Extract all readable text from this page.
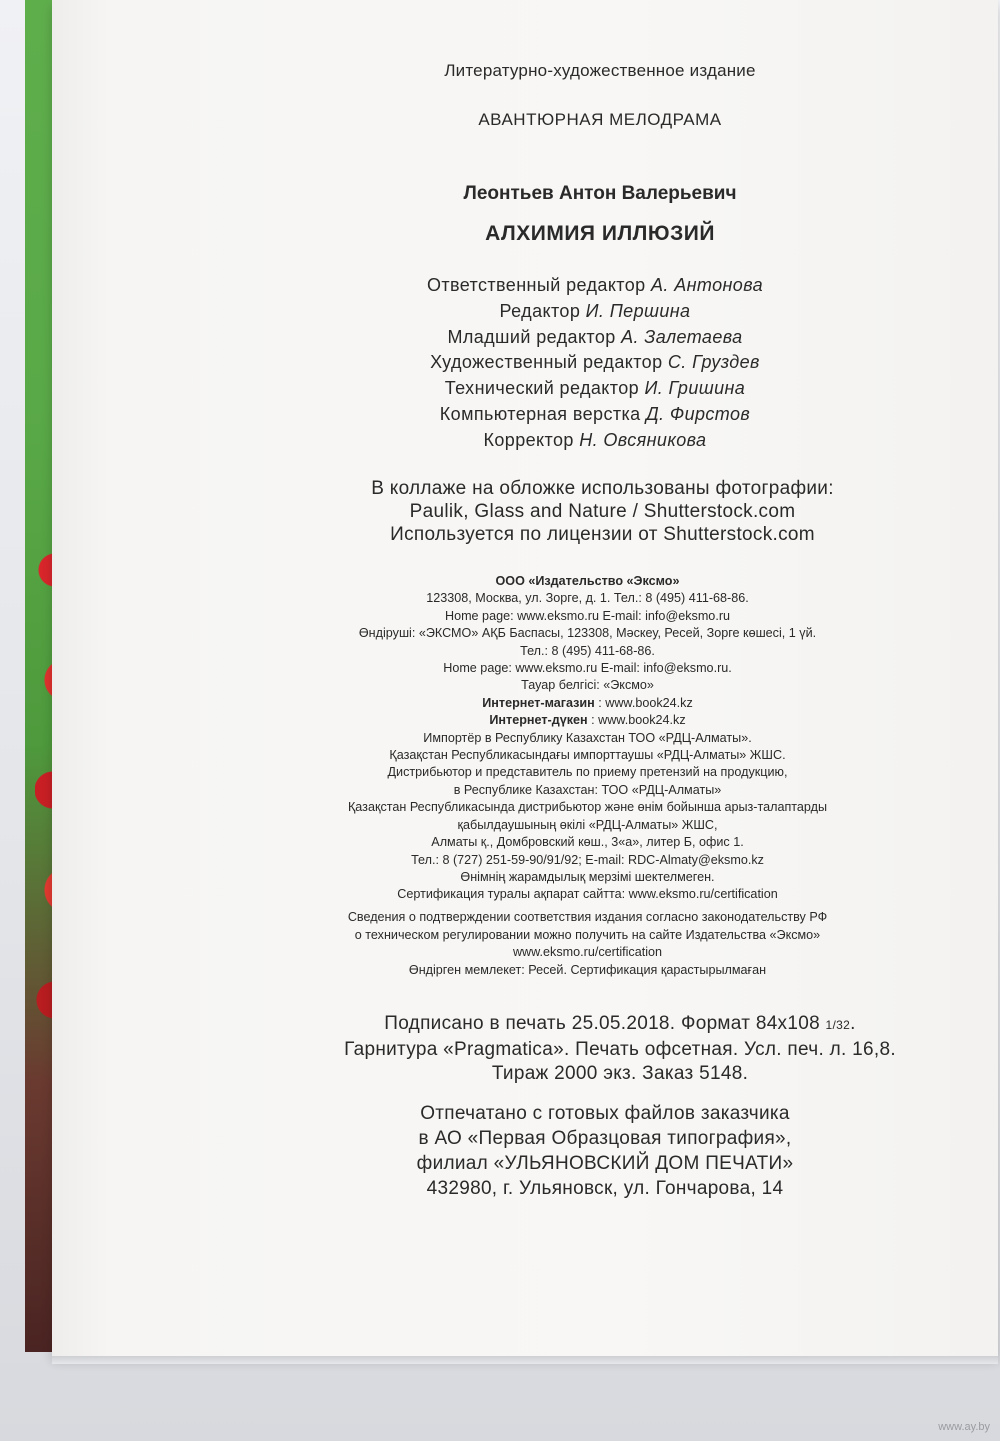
Литературно-художественное издание
АВАНТЮРНАЯ МЕЛОДРАМА
Леонтьев Антон Валерьевич
АЛХИМИЯ ИЛЛЮЗИЙ
Ответственный редактор А. Антонова
Редактор И. Першина
Младший редактор А. Залетаева
Художественный редактор С. Груздев
Технический редактор И. Гришина
Компьютерная верстка Д. Фирстов
Корректор Н. Овсяникова
В коллаже на обложке использованы фотографии:
Paulik, Glass and Nature / Shutterstock.com
Используется по лицензии от Shutterstock.com
ООО «Издательство «Эксмо»
123308, Москва, ул. Зорге, д. 1. Тел.: 8 (495) 411-68-86.
Home page: www.eksmo.ru E-mail: info@eksmo.ru
Өндіруші: «ЭКСМО» АҚБ Баспасы, 123308, Мәскеу, Ресей, Зорге көшесі, 1 үй.
Тел.: 8 (495) 411-68-86.
Home page: www.eksmo.ru E-mail: info@eksmo.ru.
Тауар белгісі: «Эксмо»
Интернет-магазин : www.book24.kz
Интернет-дүкен : www.book24.kz
Импортёр в Республику Казахстан ТОО «РДЦ-Алматы».
Қазақстан Республикасындағы импорттаушы «РДЦ-Алматы» ЖШС.
Дистрибьютор и представитель по приему претензий на продукцию,
в Республике Казахстан: ТОО «РДЦ-Алматы»
Қазақстан Республикасында дистрибьютор және өнім бойынша арыз-талаптарды
қабылдаушының өкілі «РДЦ-Алматы» ЖШС,
Алматы қ., Домбровский көш., 3«а», литер Б, офис 1.
Тел.: 8 (727) 251-59-90/91/92; E-mail: RDC-Almaty@eksmo.kz
Өнімнің жарамдылық мерзімі шектелмеген.
Сертификация туралы ақпарат сайтта: www.eksmo.ru/certification
Сведения о подтверждении соответствия издания согласно законодательству РФ
о техническом регулировании можно получить на сайте Издательства «Эксмо»
www.eksmo.ru/certification
Өндірген мемлекет: Ресей. Сертификация қарастырылмаған
Подписано в печать 25.05.2018. Формат 84х108 1/32.
Гарнитура «Pragmatica». Печать офсетная. Усл. печ. л. 16,8.
Тираж 2000 экз. Заказ 5148.
Отпечатано с готовых файлов заказчика
в АО «Первая Образцовая типография»,
филиал «УЛЬЯНОВСКИЙ ДОМ ПЕЧАТИ»
432980, г. Ульяновск, ул. Гончарова, 14
www.ay.by
